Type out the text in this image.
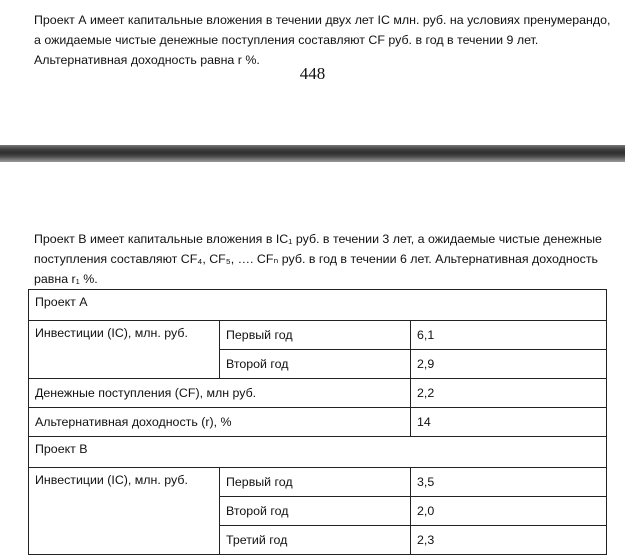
Проект А имеет капитальные вложения в течении двух лет IC млн. руб. на условиях пренумерандо, а ожидаемые чистые денежные поступления составляют CF руб. в год в течении 9 лет. Альтернативная доходность равна r %.
448
Проект В имеет капитальные вложения в IC₁ руб. в течении 3 лет, а ожидаемые чистые денежные поступления составляют CF₄, CF₅, …. CFₙ руб. в год в течении 6 лет. Альтернативная доходность равна r₁ %.
Проект А		
Инвестиции (IC), млн. руб.	Первый год	6,1
	Второй год	2,9
Денежные поступления (CF), млн руб.		2,2
Альтернативная доходность (r), %		14
Проект В		
Инвестиции (IC), млн. руб.	Первый год	3,5
	Второй год	2,0
	Третий год	2,3
